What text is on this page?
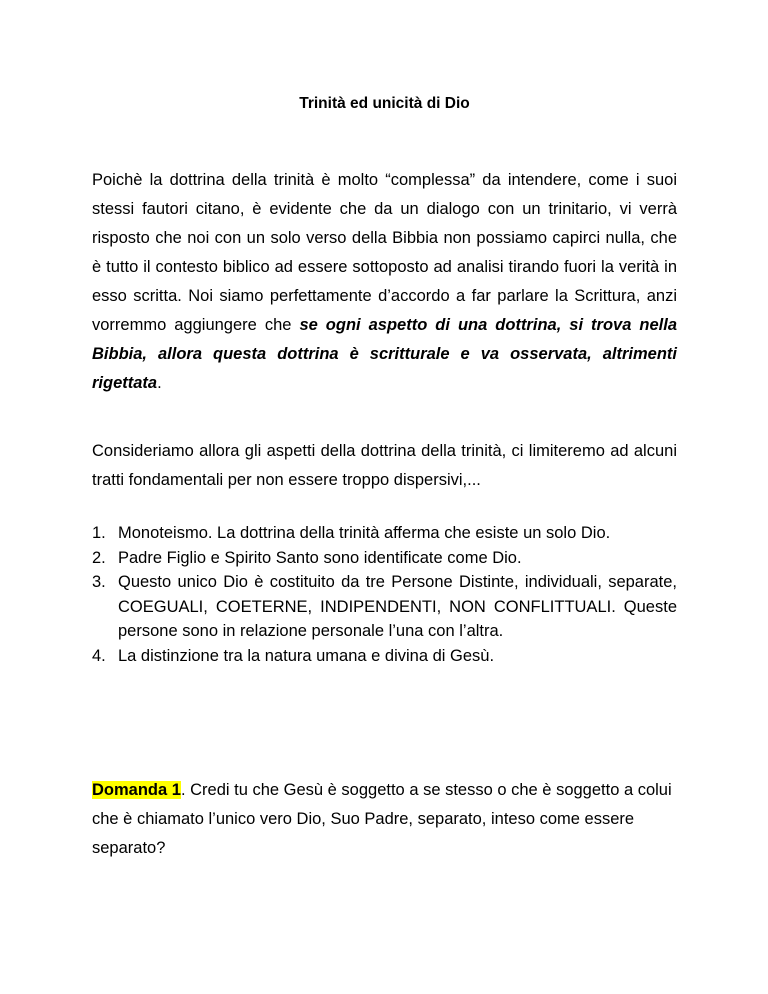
Trinità ed unicità di Dio

Poichè la dottrina della trinità è molto “complessa” da intendere, come i suoi stessi fautori citano, è evidente che da un dialogo con un trinitario, vi verrà risposto che noi con un solo verso della Bibbia non possiamo capirci nulla, che è tutto il contesto biblico ad essere sottoposto ad analisi tirando fuori la verità in esso scritta. Noi siamo perfettamente d’accordo a far parlare la Scrittura, anzi vorremmo aggiungere che se ogni aspetto di una dottrina, si trova nella Bibbia, allora questa dottrina è scritturale e va osservata, altrimenti rigettata.

Consideriamo allora gli aspetti della dottrina della trinità, ci limiteremo ad alcuni tratti fondamentali per non essere troppo dispersivi,...

1. Monoteismo. La dottrina della trinità afferma che esiste un solo Dio.
2. Padre Figlio e Spirito Santo sono identificate come Dio.
3. Questo unico Dio è costituito da tre Persone Distinte, individuali, separate, COEGUALI, COETERNE, INDIPENDENTI, NON CONFLITTUALI. Queste persone sono in relazione personale l’una con l’altra.
4. La distinzione tra la natura umana e divina di Gesù.

Domanda 1. Credi tu che Gesù è soggetto a se stesso o che è soggetto a colui che è chiamato l’unico vero Dio, Suo Padre, separato, inteso come essere separato?
